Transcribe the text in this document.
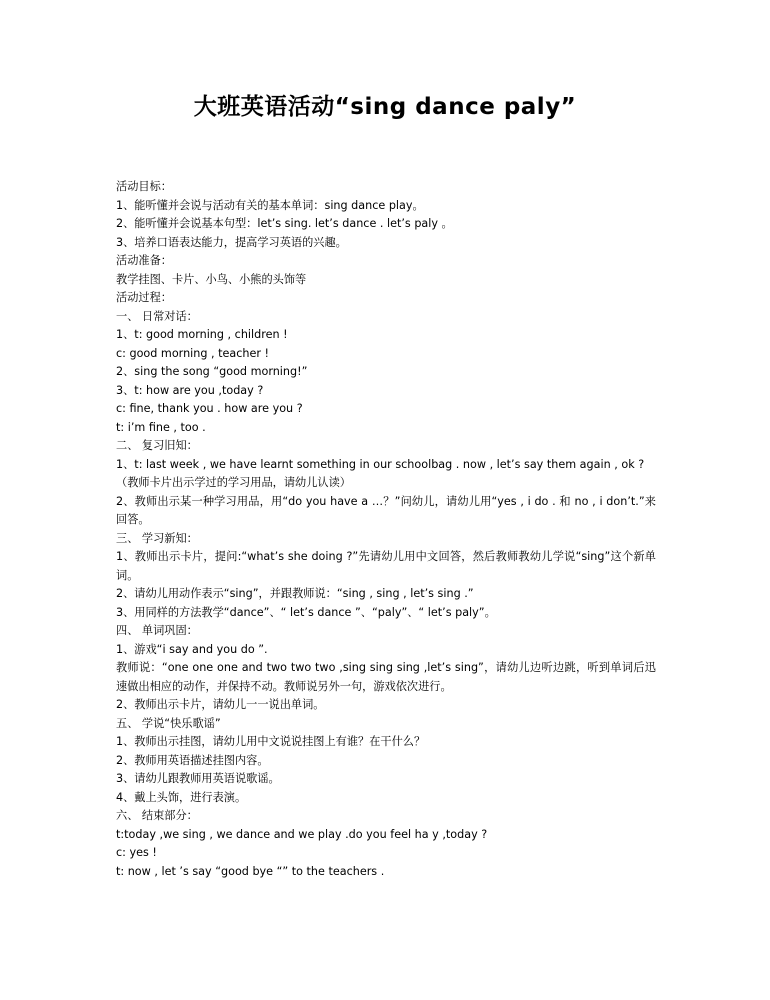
大班英语活动“sing dance paly”
活动目标：
1、能听懂并会说与活动有关的基本单词：sing dance play。
2、能听懂并会说基本句型：let’s sing. let’s dance . let’s paly 。
3、培养口语表达能力，提高学习英语的兴趣。
活动准备：
教学挂图、卡片、小鸟、小熊的头饰等
活动过程：
一、 日常对话：
1、t: good morning , children !
c: good morning , teacher !
2、sing the song “good morning!”
3、t: how are you ,today ?
c: fine, thank you . how are you ?
t: i’m fine , too .
二、 复习旧知：
1、t: last week , we have learnt something in our schoolbag . now , let’s say them again , ok ?
（教师卡片出示学过的学习用品，请幼儿认读）
2、教师出示某一种学习用品，用“do you have a …？”问幼儿，请幼儿用“yes , i do . 和 no , i don’t.”来回答。
三、 学习新知：
1、教师出示卡片，提问:“what’s she doing ?”先请幼儿用中文回答，然后教师教幼儿学说“sing”这个新单词。
2、请幼儿用动作表示“sing”，并跟教师说：“sing , sing , let’s sing .”
3、用同样的方法教学“dance”、“ let’s dance ”、“paly”、“ let’s paly”。
四、 单词巩固：
1、游戏“i say and you do ”.
教师说：“one one one and two two two ,sing sing sing ,let’s sing”，请幼儿边听边跳，听到单词后迅速做出相应的动作，并保持不动。教师说另外一句，游戏依次进行。
2、教师出示卡片，请幼儿一一说出单词。
五、 学说“快乐歌谣”
1、教师出示挂图，请幼儿用中文说说挂图上有谁？在干什么？
2、教师用英语描述挂图内容。
3、请幼儿跟教师用英语说歌谣。
4、戴上头饰，进行表演。
六、 结束部分：
t:today ,we sing , we dance and we play .do you feel ha y ,today ?
c: yes !
t: now , let ’s say “good bye “” to the teachers .
